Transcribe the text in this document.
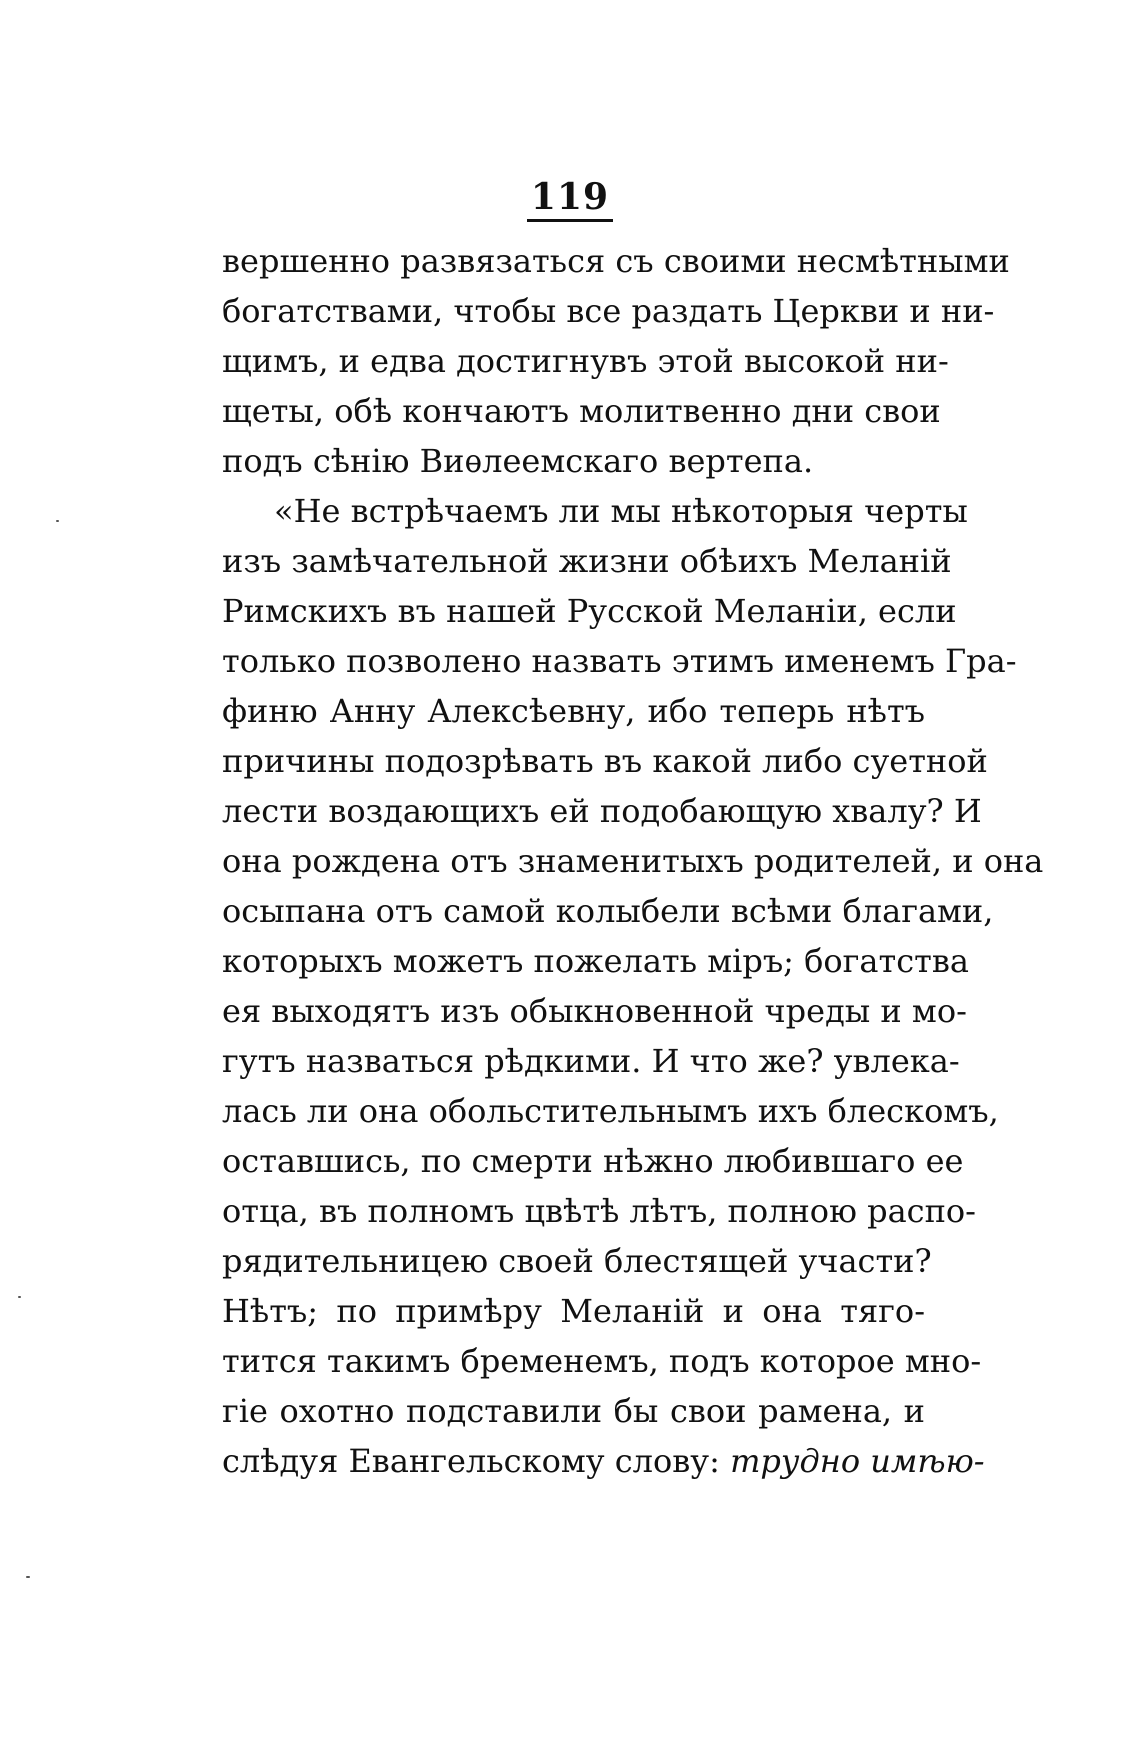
119
вершенно развязаться съ своими несмѣтными
богатствами, чтобы все раздать Церкви и ни-
щимъ, и едва достигнувъ этой высокой ни-
щеты, обѣ кончаютъ молитвенно дни свои
подъ сѣнію Виѳлеемскаго вертепа.
«Не встрѣчаемъ ли мы нѣкоторыя черты
изъ замѣчательной жизни обѣихъ Меланій
Римскихъ въ нашей Русской Меланіи, если
только позволено назвать этимъ именемъ Гра-
финю Анну Алексѣевну, ибо теперь нѣтъ
причины подозрѣвать въ какой либо суетной
лести воздающихъ ей подобающую хвалу? И
она рождена отъ знаменитыхъ родителей, и она
осыпана отъ самой колыбели всѣми благами,
которыхъ можетъ пожелать міръ; богатства
ея выходятъ изъ обыкновенной чреды и мо-
гутъ назваться рѣдкими. И что же? увлека-
лась ли она обольстительнымъ ихъ блескомъ,
оставшись, по смерти нѣжно любившаго ее
отца, въ полномъ цвѣтѣ лѣтъ, полною распо-
рядительницею своей блестящей участи?
Нѣтъ; по примѣру Меланій и она тяго-
тится такимъ бременемъ, подъ которое мно-
гіе охотно подставили бы свои рамена, и
слѣдуя Евангельскому слову: трудно имѣю-
